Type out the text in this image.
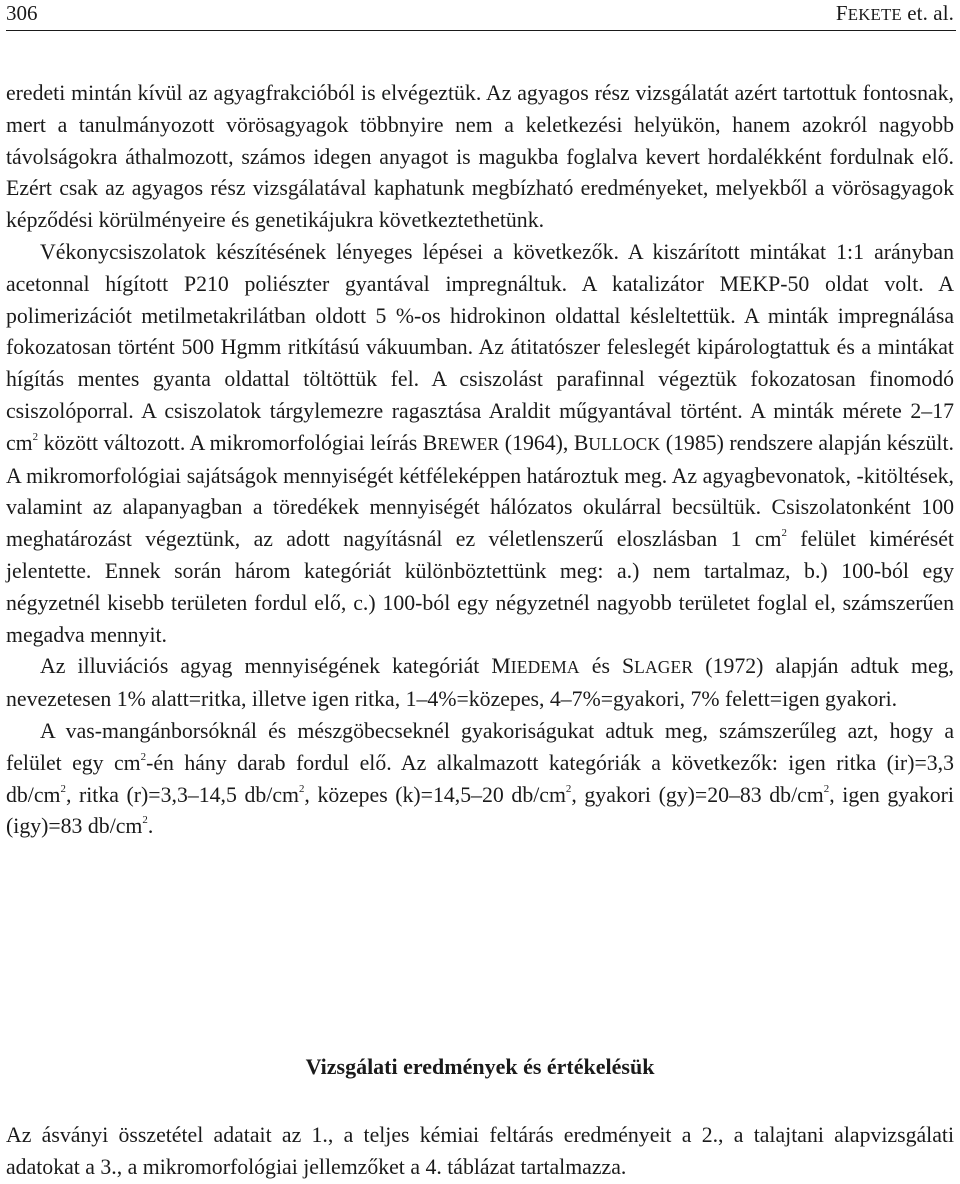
306	FEKETE et. al.

eredeti mintán kívül az agyagfrakcióból is elvégeztük. Az agyagos rész vizsgálatát azért tartottuk fontosnak, mert a tanulmányozott vörösagyagok többnyire nem a keletkezési helyükön, hanem azokról nagyobb távolságokra áthalmozott, számos idegen anyagot is magukba foglalva kevert hordalékként fordulnak elő. Ezért csak az agyagos rész vizsgálatával kaphatunk megbízható eredményeket, melyekből a vörösagyagok képződési körülményeire és genetikájukra következtethetünk.

Vékonycsiszolatok készítésének lényeges lépései a következők. A kiszárított mintákat 1:1 arányban acetonnal hígított P210 poliészter gyantával impregnáltuk. A katalizátor MEKP-50 oldat volt. A polimerizációt metilmetakrilátban oldott 5 %-os hidrokinon oldattal késleltettük. A minták impregnálása fokozatosan történt 500 Hgmm ritkítású vákuumban. Az átitatószer feleslegét kipárologtattuk és a mintákat hígítás mentes gyanta oldattal töltöttük fel. A csiszolást parafinnal végeztük fokozatosan finomodó csiszolóporral. A csiszolatok tárgylemezre ragasztása Araldit műgyantával történt. A minták mérete 2–17 $cm^2$ között változott. A mikromorfológiai leírás BREWER (1964), BULLOCK (1985) rendszere alapján készült. A mikromorfológiai sajátságok mennyiségét kétféleképpen határoztuk meg. Az agyagbevonatok, -kitöltések, valamint az alapanyagban a töredékek mennyiségét hálózatos okulárral becsültük. Csiszolatonként 100 meghatározást végeztünk, az adott nagyításnál ez véletlenszerű eloszlásban 1 $cm^2$ felület kimérését jelentette. Ennek során három kategóriát különböztettünk meg: a.) nem tartalmaz, b.) 100-ból egy négyzetnél kisebb területen fordul elő, c.) 100-ból egy négyzetnél nagyobb területet foglal el, számszerűen megadva mennyit.

Az illuviációs agyag mennyiségének kategóriát MIEDEMA és SLAGER (1972) alapján adtuk meg, nevezetesen 1% alatt=ritka, illetve igen ritka, 1–4%=közepes, 4–7%=gyakori, 7% felett=igen gyakori.

A vas-mangánborsóknál és mészgöbecseknél gyakoriságukat adtuk meg, számszerűleg azt, hogy a felület egy $cm^2-én$ hány darab fordul elő. Az alkalmazott kategóriák a következők: igen ritka (ir)=3,3 $db/cm^2$, ritka (r)=3,3–14,5 $db/cm^2$, közepes (k)=14,5–20 $db/cm^2$, gyakori (gy)=20–83 $db/cm^2$, igen gyakori (igy)=83 $db/cm^2$.

Vizsgálati eredmények és értékelésük

Az ásványi összetétel adatait az 1., a teljes kémiai feltárás eredményeit a 2., a talajtani alapvizsgálati adatokat a 3., a mikromorfológiai jellemzőket a 4. táblázat tartalmazza.
